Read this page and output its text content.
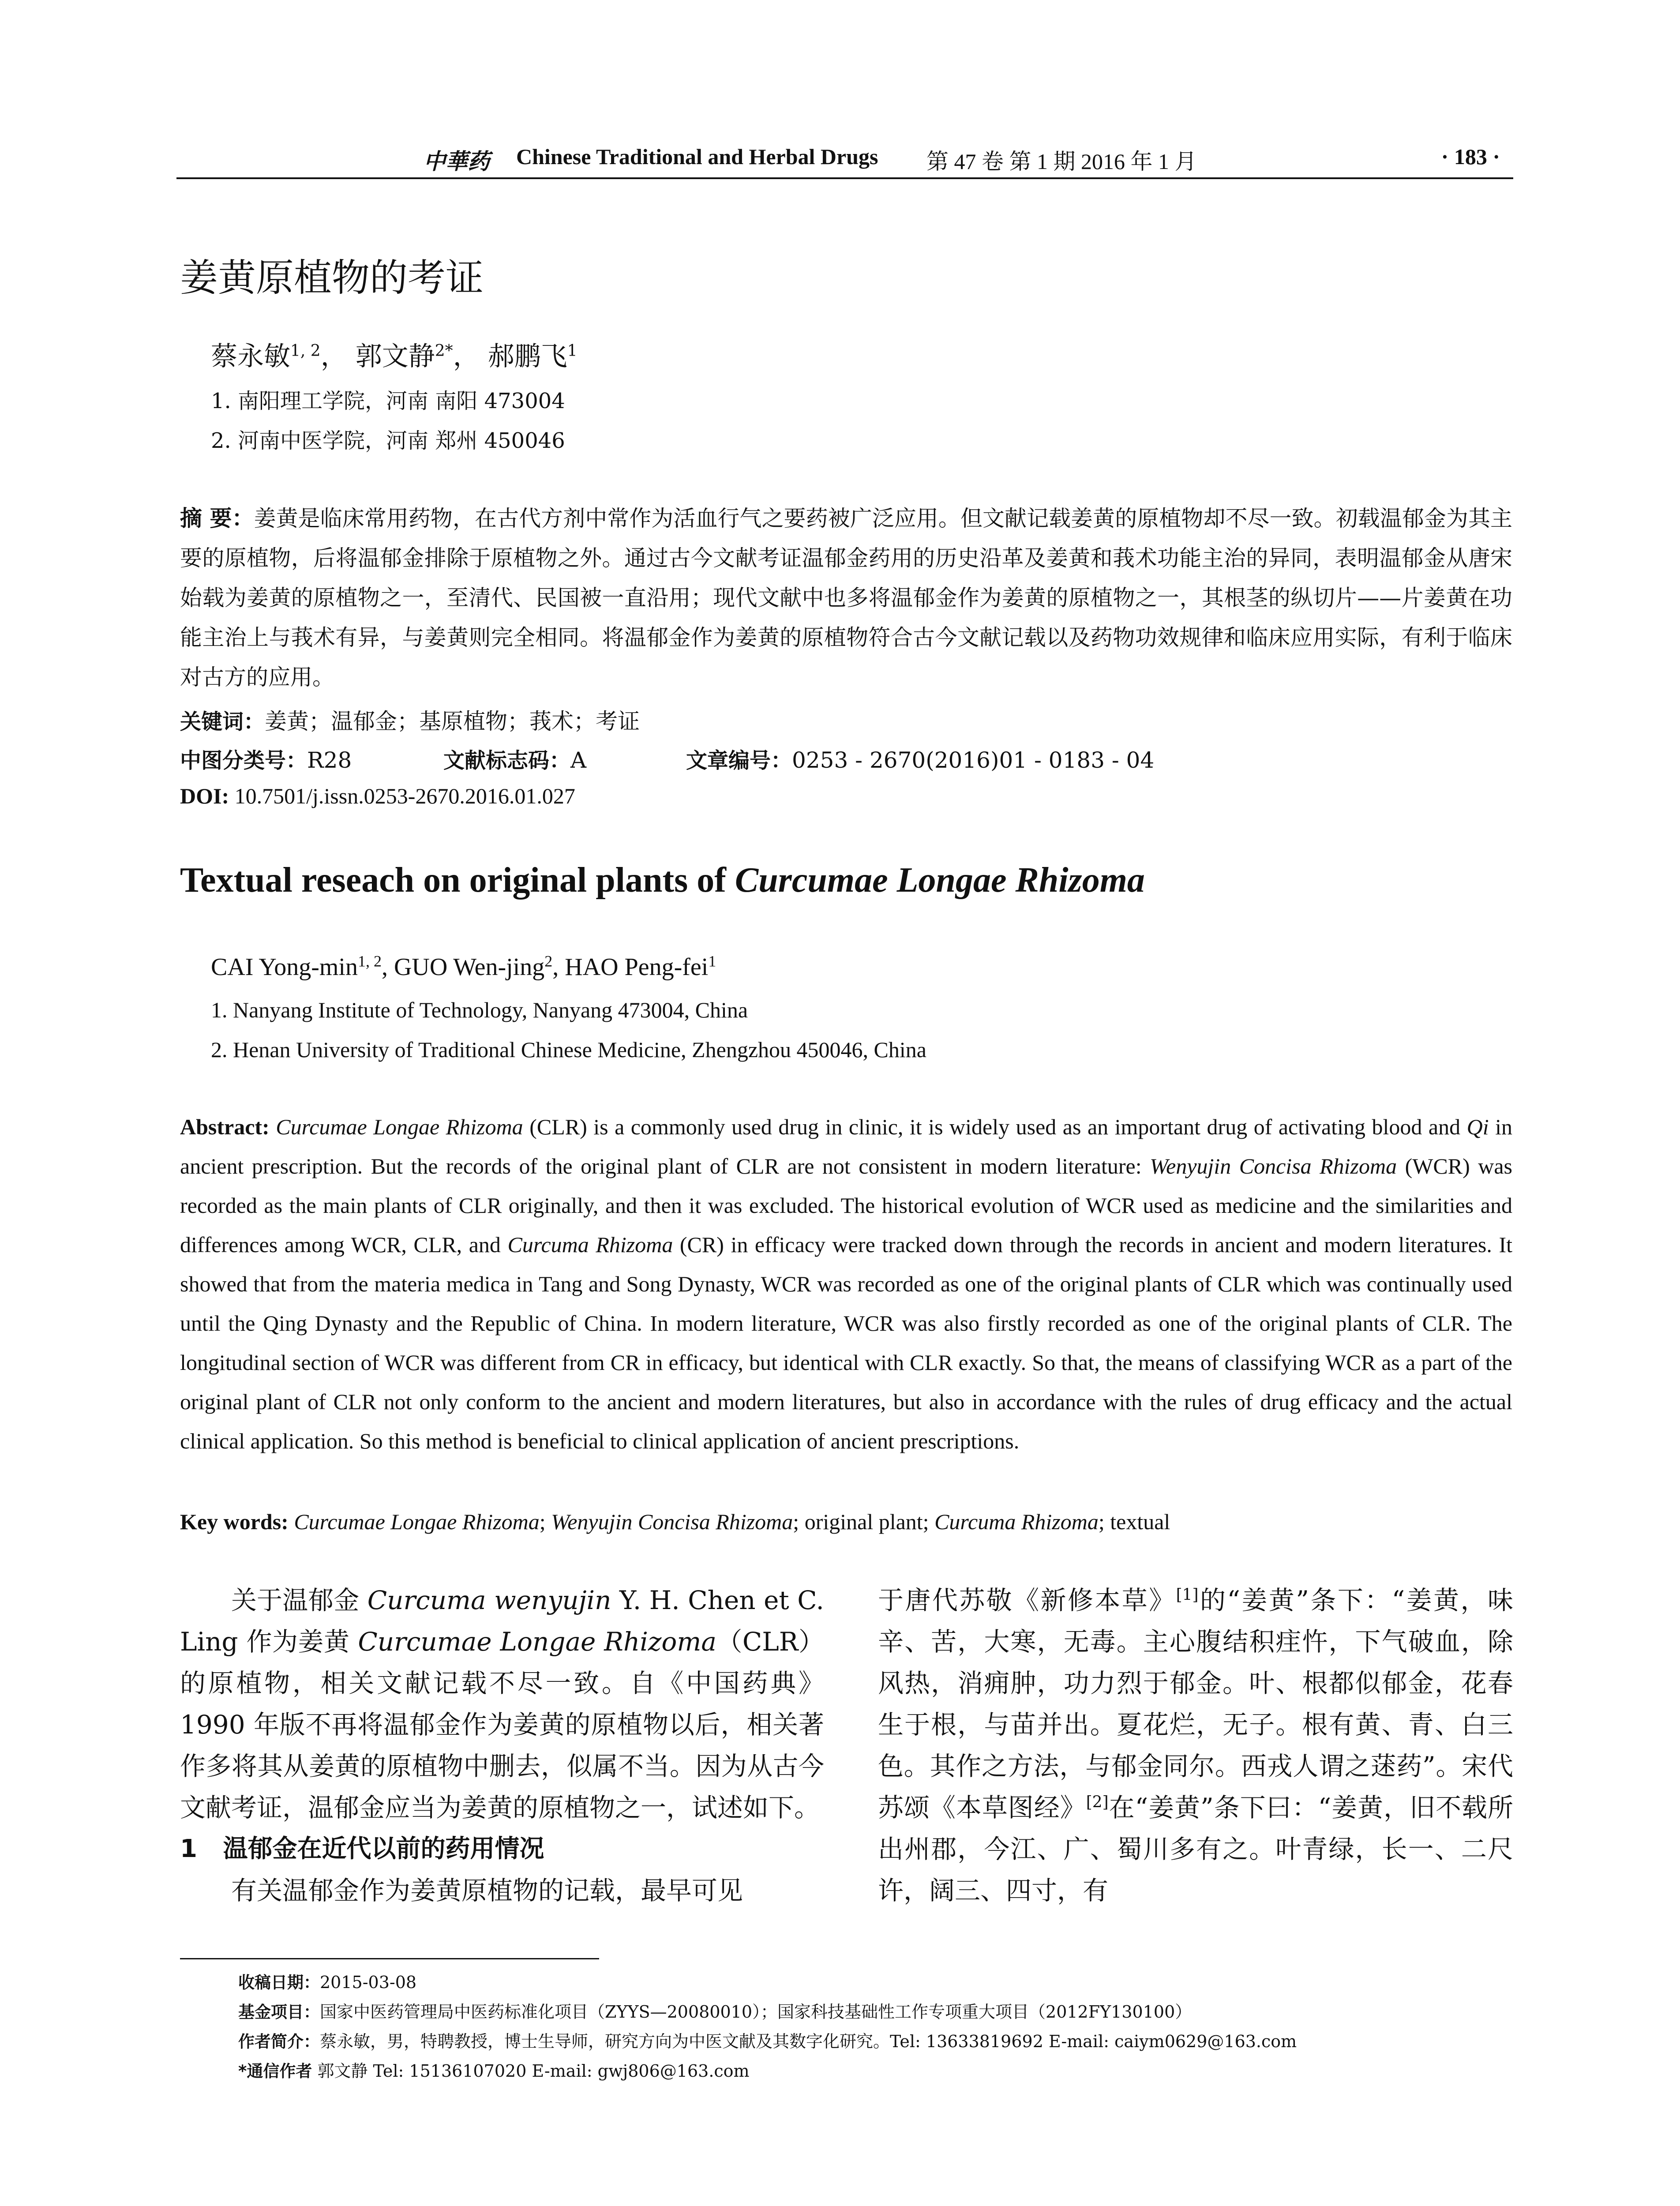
中華药 Chinese Traditional and Herbal Drugs 第 47 卷 第 1 期 2016 年 1 月	· 183 ·
姜黄原植物的考证
蔡永敏$^{1, 2}$， 郭文静$^{2*}$， 郝鹏飞$^1$
1. 南阳理工学院，河南 南阳 473004
2. 河南中医学院，河南 郑州 450046
摘 要：姜黄是临床常用药物，在古代方剂中常作为活血行气之要药被广泛应用。但文献记载姜黄的原植物却不尽一致。初载温郁金为其主要的原植物，后将温郁金排除于原植物之外。通过古今文献考证温郁金药用的历史沿革及姜黄和莪术功能主治的异同，表明温郁金从唐宋始载为姜黄的原植物之一，至清代、民国被一直沿用；现代文献中也多将温郁金作为姜黄的原植物之一，其根茎的纵切片——片姜黄在功能主治上与莪术有异，与姜黄则完全相同。将温郁金作为姜黄的原植物符合古今文献记载以及药物功效规律和临床应用实际，有利于临床对古方的应用。
关键词：姜黄；温郁金；基原植物；莪术；考证
中图分类号：R28	文献标志码：A	文章编号：0253 - 2670(2016)01 - 0183 - 04
DOI: 10.7501/j.issn.0253-2670.2016.01.027
Textual reseach on original plants of Curcumae Longae Rhizoma
CAI Yong-$\min^{1, 2}$, GUO Wen-jing$^2$, HAO Peng-fei$^1$
1. Nanyang Institute of Technology, Nanyang 473004, China
2. Henan University of Traditional Chinese Medicine, Zhengzhou 450046, China
Abstract: Curcumae Longae Rhizoma (CLR) is a commonly used drug in clinic, it is widely used as an important drug of activating blood and Qi in ancient prescription. But the records of the original plant of CLR are not consistent in modern literature: Wenyujin Concisa Rhizoma (WCR) was recorded as the main plants of CLR originally, and then it was excluded. The historical evolution of WCR used as medicine and the similarities and differences among WCR, CLR, and Curcuma Rhizoma (CR) in efficacy were tracked down through the records in ancient and modern literatures. It showed that from the materia medica in Tang and Song Dynasty, WCR was recorded as one of the original plants of CLR which was continually used until the Qing Dynasty and the Republic of China. In modern literature, WCR was also firstly recorded as one of the original plants of CLR. The longitudinal section of WCR was different from CR in efficacy, but identical with CLR exactly. So that, the means of classifying WCR as a part of the original plant of CLR not only conform to the ancient and modern literatures, but also in accordance with the rules of drug efficacy and the actual clinical application. So this method is beneficial to clinical application of ancient prescriptions.
Key words: Curcumae Longae Rhizoma; Wenyujin Concisa Rhizoma; original plant; Curcuma Rhizoma; textual
关于温郁金 Curcuma wenyujin Y. H. Chen et C. Ling 作为姜黄 Curcumae Longae Rhizoma（CLR）的原植物，相关文献记载不尽一致。自《中国药典》1990 年版不再将温郁金作为姜黄的原植物以后，相关著作多将其从姜黄的原植物中删去，似属不当。因为从古今文献考证，温郁金应当为姜黄的原植物之一，试述如下。
1 温郁金在近代以前的药用情况
有关温郁金作为姜黄原植物的记载，最早可见
于唐代苏敬《新修本草》[1]的“姜黄”条下：“姜黄，味辛、苦，大寒，无毒。主心腹结积疰忤，下气破血，除风热，消痈肿，功力烈于郁金。叶、根都似郁金，花春生于根，与苗并出。夏花烂，无子。根有黄、青、白三色。其作之方法，与郁金同尔。西戎人谓之蒁药”。宋代苏颂《本草图经》[2]在“姜黄”条下曰：“姜黄，旧不载所出州郡，今江、广、蜀川多有之。叶青绿，长一、二尺许，阔三、四寸，有
收稿日期：2015-03-08
基金项目：国家中医药管理局中医药标准化项目（ZYYS—20080010）；国家科技基础性工作专项重大项目（2012FY130100）
作者简介：蔡永敏，男，特聘教授，博士生导师，研究方向为中医文献及其数字化研究。Tel: 13633819692 E-mail: caiym0629@163.com
*通信作者 郭文静 Tel: 15136107020 E-mail: gwj806@163.com
